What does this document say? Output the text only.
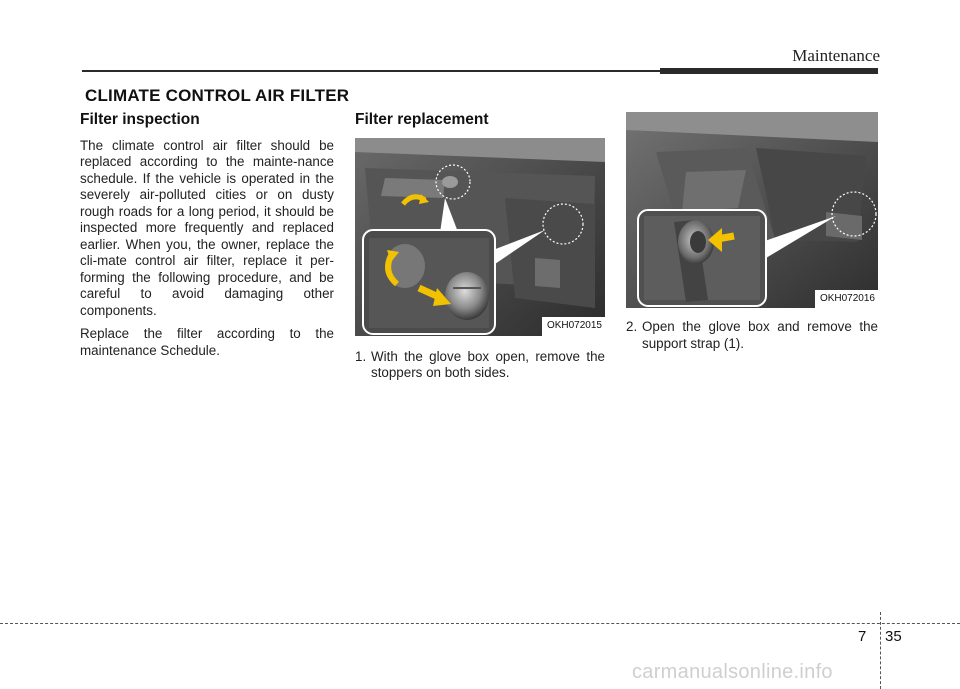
Maintenance
CLIMATE CONTROL AIR FILTER
Filter inspection

The climate control air filter should be replaced according to the mainte-nance schedule. If the vehicle is operated in the severely air-polluted cities or on dusty rough roads for a long period, it should be inspected more frequently and replaced earlier. When you, the owner, replace the cli-mate control air filter, replace it per-forming the following procedure, and be careful to avoid damaging other components.

Replace the filter according to the maintenance Schedule.

Filter replacement
OKH072015

1. With the glove box open, remove the stoppers on both sides.

OKH072016

2. Open the glove box and remove the support strap (1).

7 35
carmanualsonline.info
